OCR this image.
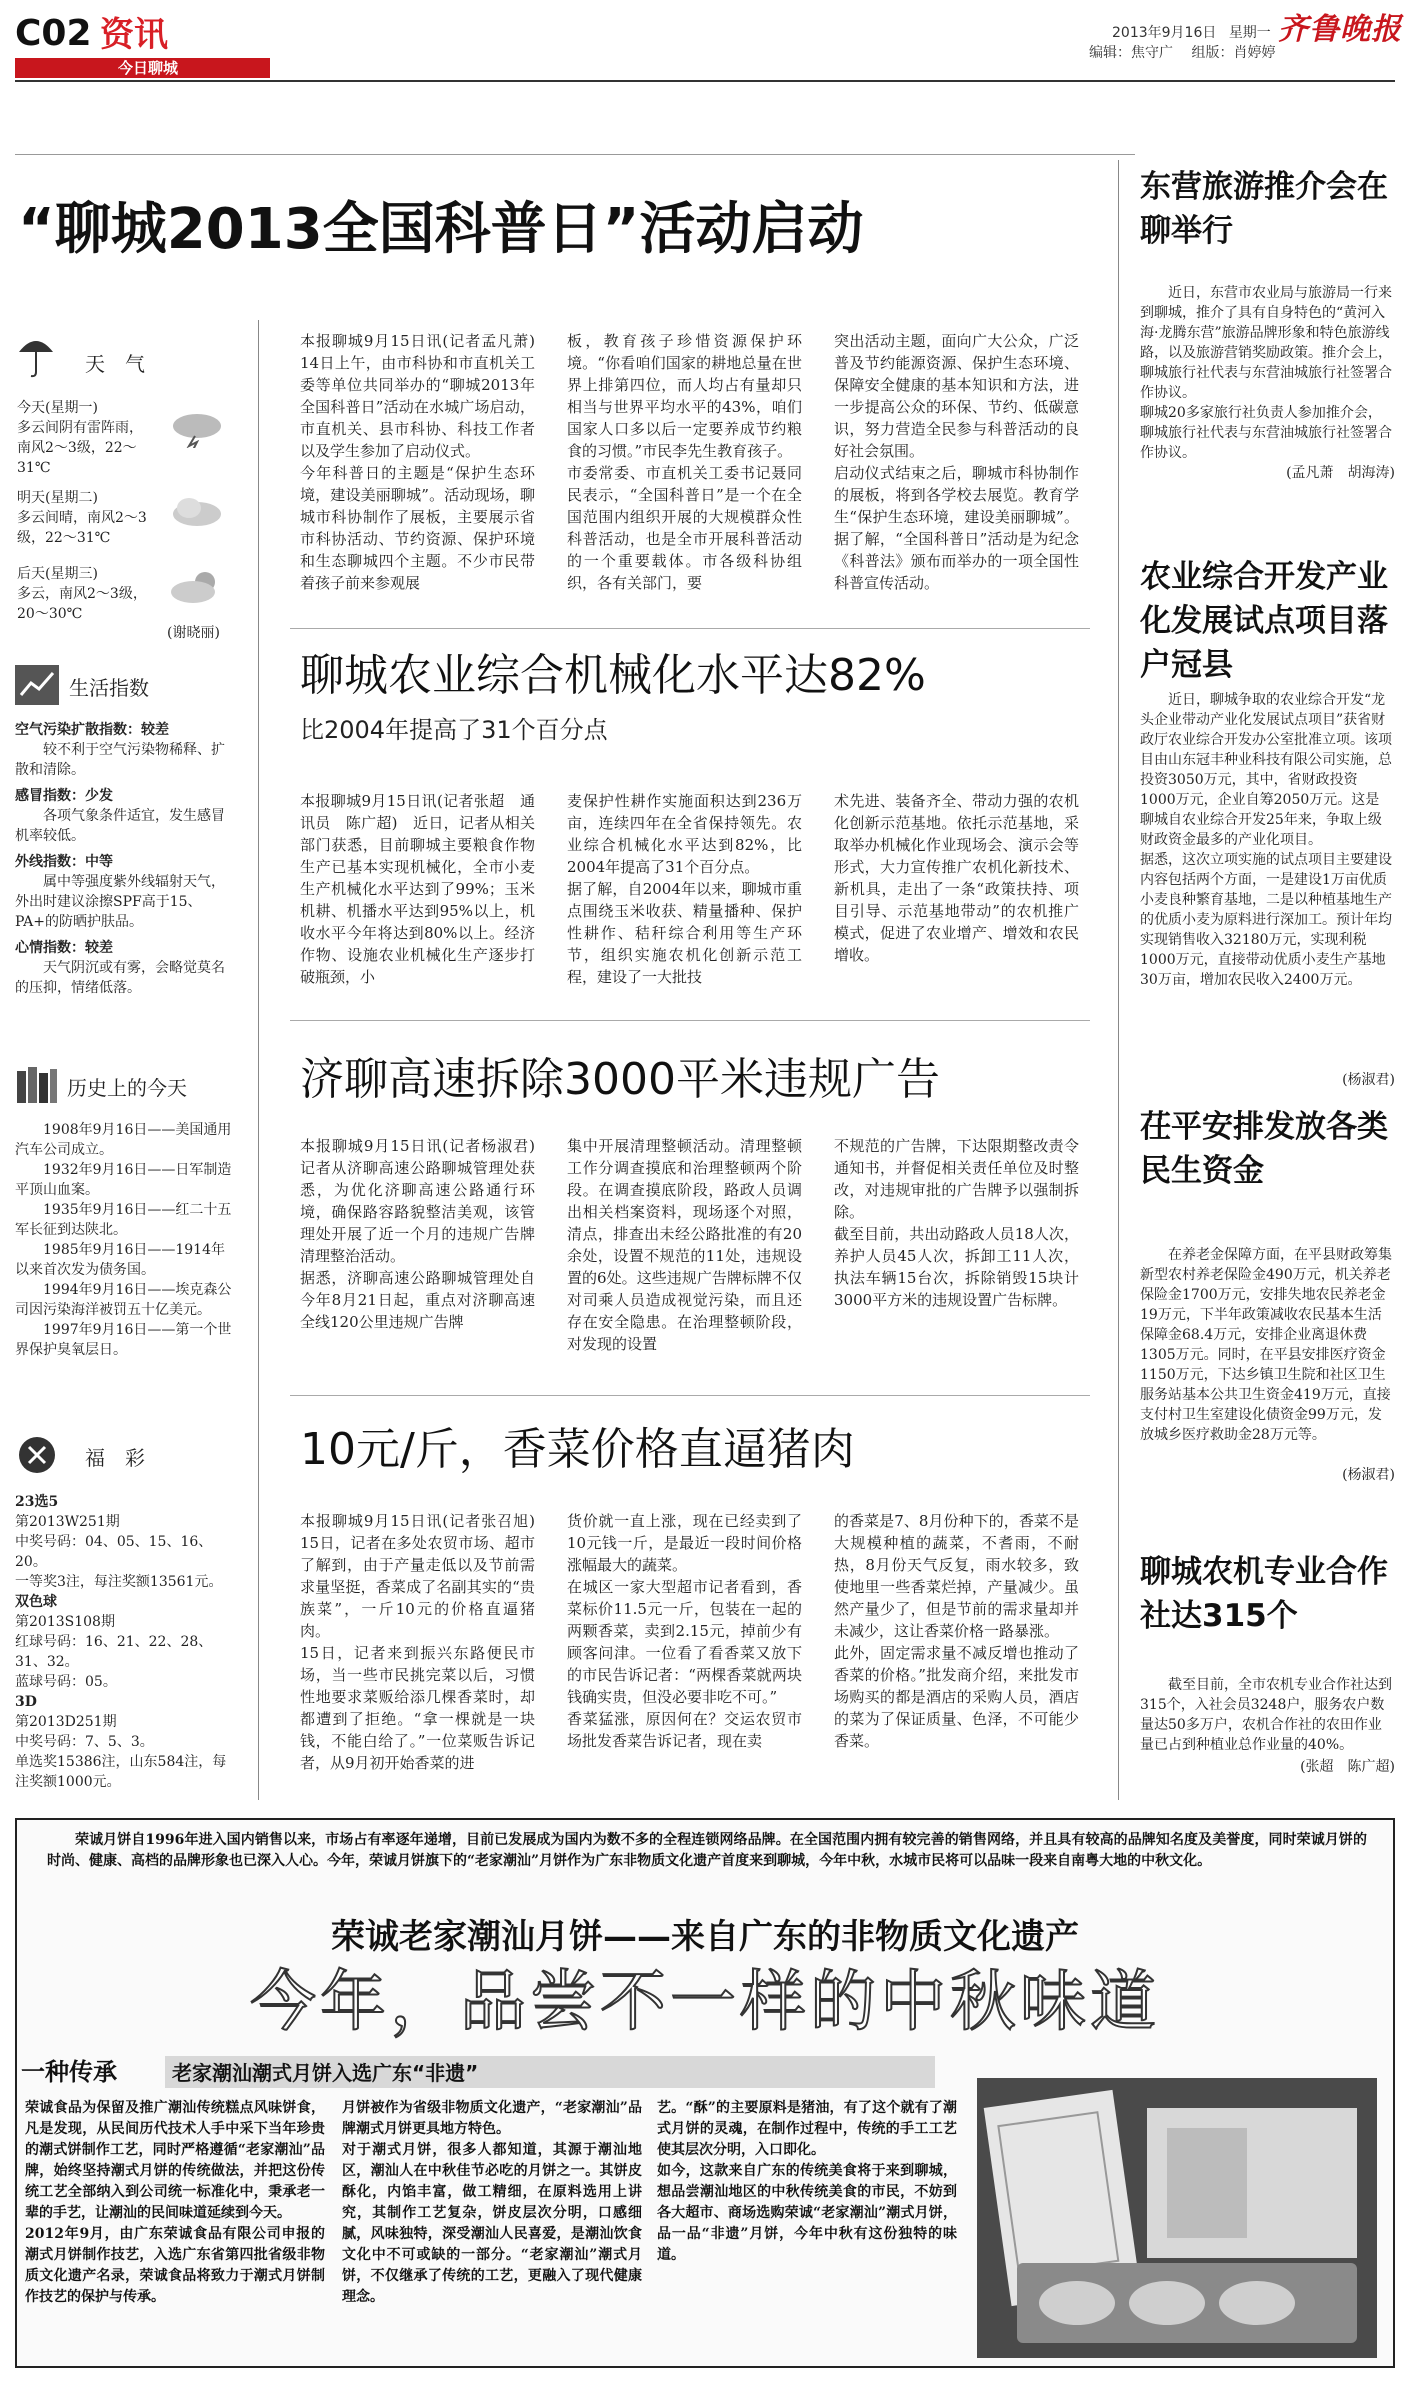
C02 资讯
今日聊城
2013年9月16日 星期一
编辑：焦守广 组版：肖婷婷
齐鲁晚报
天　气
今天(星期一)
多云间阴有雷阵雨，南风2～3级，22～31℃
明天(星期二)
多云间晴，南风2～3级，22～31℃
后天(星期三)
多云，南风2～3级，20～30℃
(谢晓丽)
生活指数
空气污染扩散指数：较差
较不利于空气污染物稀释、扩散和清除。
感冒指数：少发
各项气象条件适宜，发生感冒机率较低。
外线指数：中等
属中等强度紫外线辐射天气，外出时建议涂擦SPF高于15、PA+的防晒护肤品。
心情指数：较差
天气阴沉或有雾，会略觉莫名的压抑，情绪低落。
历史上的今天
1908年9月16日——美国通用汽车公司成立。
1932年9月16日——日军制造平顶山血案。
1935年9月16日——红二十五军长征到达陕北。
1985年9月16日——1914年以来首次发为债务国。
1994年9月16日——埃克森公司因污染海洋被罚五十亿美元。
1997年9月16日——第一个世界保护臭氧层日。
福　彩
23选5
第2013W251期
中奖号码：04、05、15、16、20。
一等奖3注，每注奖额13561元。
双色球
第2013S108期
红球号码：16、21、22、28、31、32。
蓝球号码：05。
3D
第2013D251期
中奖号码：7、5、3。
单选奖15386注，山东584注，每注奖额1000元。
“聊城2013全国科普日”活动启动
本报聊城9月15日讯(记者孟凡萧)　14日上午，由市科协和市直机关工委等单位共同举办的“聊城2013年全国科普日”活动在水城广场启动，市直机关、县市科协、科技工作者以及学生参加了启动仪式。
今年科普日的主题是“保护生态环境，建设美丽聊城”。活动现场，聊城市科协制作了展板，主要展示省市科协活动、节约资源、保护环境和生态聊城四个主题。不少市民带着孩子前来参观展
板，教育孩子珍惜资源保护环境。“你看咱们国家的耕地总量在世界上排第四位，而人均占有量却只相当与世界平均水平的43%，咱们国家人口多以后一定要养成节约粮食的习惯。”市民李先生教育孩子。
市委常委、市直机关工委书记聂同民表示，“全国科普日”是一个在全国范围内组织开展的大规模群众性科普活动，也是全市开展科普活动的一个重要载体。市各级科协组织，各有关部门，要
突出活动主题，面向广大公众，广泛普及节约能源资源、保护生态环境、保障安全健康的基本知识和方法，进一步提高公众的环保、节约、低碳意识，努力营造全民参与科普活动的良好社会氛围。
启动仪式结束之后，聊城市科协制作的展板，将到各学校去展览。教育学生“保护生态环境，建设美丽聊城”。据了解，“全国科普日”活动是为纪念《科普法》颁布而举办的一项全国性科普宣传活动。
聊城农业综合机械化水平达82%
比2004年提高了31个百分点
本报聊城9月15日讯(记者张超　通讯员　陈广超)　近日，记者从相关部门获悉，目前聊城主要粮食作物生产已基本实现机械化，全市小麦生产机械化水平达到了99%；玉米机耕、机播水平达到95%以上，机收水平今年将达到80%以上。经济作物、设施农业机械化生产逐步打破瓶颈，小
麦保护性耕作实施面积达到236万亩，连续四年在全省保持领先。农业综合机械化水平达到82%，比2004年提高了31个百分点。
据了解，自2004年以来，聊城市重点围绕玉米收获、精量播种、保护性耕作、秸秆综合利用等生产环节，组织实施农机化创新示范工程，建设了一大批技
术先进、装备齐全、带动力强的农机化创新示范基地。依托示范基地，采取举办机械化作业现场会、演示会等形式，大力宣传推广农机化新技术、新机具，走出了一条“政策扶持、项目引导、示范基地带动”的农机推广模式，促进了农业增产、增效和农民增收。
济聊高速拆除3000平米违规广告
本报聊城9月15日讯(记者杨淑君)　记者从济聊高速公路聊城管理处获悉，为优化济聊高速公路通行环境，确保路容路貌整洁美观，该管理处开展了近一个月的违规广告牌清理整治活动。
据悉，济聊高速公路聊城管理处自今年8月21日起，重点对济聊高速全线120公里违规广告牌
集中开展清理整顿活动。清理整顿工作分调查摸底和治理整顿两个阶段。在调查摸底阶段，路政人员调出相关档案资料，现场逐个对照，清点，排查出未经公路批准的有20余处，设置不规范的11处，违规设置的6处。这些违规广告牌标牌不仅对司乘人员造成视觉污染，而且还存在安全隐患。在治理整顿阶段，对发现的设置
不规范的广告牌，下达限期整改责令通知书，并督促相关责任单位及时整改，对违规审批的广告牌予以强制拆除。
截至目前，共出动路政人员18人次，养护人员45人次，拆卸工11人次，执法车辆15台次，拆除销毁15块计3000平方米的违规设置广告标牌。
10元/斤，香菜价格直逼猪肉
本报聊城9月15日讯(记者张召旭)　15日，记者在多处农贸市场、超市了解到，由于产量走低以及节前需求量坚挺，香菜成了名副其实的“贵族菜”，一斤10元的价格直逼猪肉。
15日，记者来到振兴东路便民市场，当一些市民挑完菜以后，习惯性地要求菜贩给添几棵香菜时，却都遭到了拒绝。“拿一棵就是一块钱，不能白给了。”一位菜贩告诉记者，从9月初开始香菜的进
货价就一直上涨，现在已经卖到了10元钱一斤，是最近一段时间价格涨幅最大的蔬菜。
在城区一家大型超市记者看到，香菜标价11.5元一斤，包装在一起的两颗香菜，卖到2.15元，掉前少有顾客问津。一位看了看香菜又放下的市民告诉记者：“两棵香菜就两块钱确实贵，但没必要非吃不可。”
香菜猛涨，原因何在？交运农贸市场批发香菜告诉记者，现在卖
的香菜是7、8月份种下的，香菜不是大规模种植的蔬菜，不耆雨，不耐热，8月份天气反复，雨水较多，致使地里一些香菜烂掉，产量减少。虽然产量少了，但是节前的需求量却并未减少，这让香菜价格一路暴涨。
此外，固定需求量不减反增也推动了香菜的价格。”批发商介绍，来批发市场购买的都是酒店的采购人员，酒店的菜为了保证质量、色泽，不可能少香菜。
东营旅游推介会在聊举行
近日，东营市农业局与旅游局一行来到聊城，推介了具有自身特色的“黄河入海·龙腾东营”旅游品牌形象和特色旅游线路，以及旅游营销奖励政策。推介会上，聊城旅行社代表与东营油城旅行社签署合作协议。
聊城20多家旅行社负责人参加推介会，聊城旅行社代表与东营油城旅行社签署合作协议。
(孟凡萧　胡海涛)
农业综合开发产业化发展试点项目落户冠县
近日，聊城争取的农业综合开发“龙头企业带动产业化发展试点项目”获省财政厅农业综合开发办公室批准立项。该项目由山东冠丰种业科技有限公司实施，总投资3050万元，其中，省财政投资1000万元，企业自筹2050万元。这是聊城自农业综合开发25年来，争取上级财政资金最多的产业化项目。
据悉，这次立项实施的试点项目主要建设内容包括两个方面，一是建设1万亩优质小麦良种繁育基地，二是以种植基地生产的优质小麦为原料进行深加工。预计年均实现销售收入32180万元，实现利税1000万元，直接带动优质小麦生产基地30万亩，增加农民收入2400万元。
(杨淑君)
茌平安排发放各类民生资金
在养老金保障方面，在平县财政筹集新型农村养老保险金490万元，机关养老保险金1700万元，安排失地农民养老金19万元，下半年政策减收农民基本生活保障金68.4万元，安排企业离退休费1305万元。同时，在平县安排医疗资金1150万元，下达乡镇卫生院和社区卫生服务站基本公共卫生资金419万元，直接支付村卫生室建设化债资金99万元，发放城乡医疗救助金28万元等。
(杨淑君)
聊城农机专业合作社达315个
截至目前，全市农机专业合作社达到315个，入社会员3248户，服务农户数量达50多万户，农机合作社的农田作业量已占到种植业总作业量的40%。
(张超　陈广超)
荣诚月饼自1996年进入国内销售以来，市场占有率逐年递增，目前已发展成为国内为数不多的全程连锁网络品牌。在全国范围内拥有较完善的销售网络，并且具有较高的品牌知名度及美誉度，同时荣诚月饼的时尚、健康、高档的品牌形象也已深入人心。今年，荣诚月饼旗下的“老家潮汕”月饼作为广东非物质文化遗产首度来到聊城，今年中秋，水城市民将可以品味一段来自南粤大地的中秋文化。
荣诚老家潮汕月饼——来自广东的非物质文化遗产
今年，品尝不一样的中秋味道
一种传承	老家潮汕潮式月饼入选广东“非遗”
荣诚食品为保留及推广潮汕传统糕点风味饼食，凡是发现，从民间历代技术人手中采下当年珍贵的潮式饼制作工艺，同时严格遵循“老家潮汕”品牌，始终坚持潮式月饼的传统做法，并把这份传统工艺全部纳入到公司统一标准化中，秉承老一辈的手艺，让潮汕的民间味道延续到今天。
2012年9月，由广东荣诚食品有限公司申报的潮式月饼制作技艺，入选广东省第四批省级非物质文化遗产名录，荣诚食品将致力于潮式月饼制作技艺的保护与传承。
月饼被作为省级非物质文化遗产，“老家潮汕”品牌潮式月饼更具地方特色。
对于潮式月饼，很多人都知道，其源于潮汕地区，潮汕人在中秋佳节必吃的月饼之一。其饼皮酥化，内馅丰富，做工精细，在原料选用上讲究，其制作工艺复杂，饼皮层次分明，口感细腻，风味独特，深受潮汕人民喜爱，是潮汕饮食文化中不可或缺的一部分。“老家潮汕”潮式月饼，不仅继承了传统的工艺，更融入了现代健康理念。
艺。“酥”的主要原料是猪油，有了这个就有了潮式月饼的灵魂，在制作过程中，传统的手工工艺使其层次分明，入口即化。
如今，这款来自广东的传统美食将于来到聊城，想品尝潮汕地区的中秋传统美食的市民，不妨到各大超市、商场选购荣诚“老家潮汕”潮式月饼，品一品“非遗”月饼，今年中秋有这份独特的味道。
